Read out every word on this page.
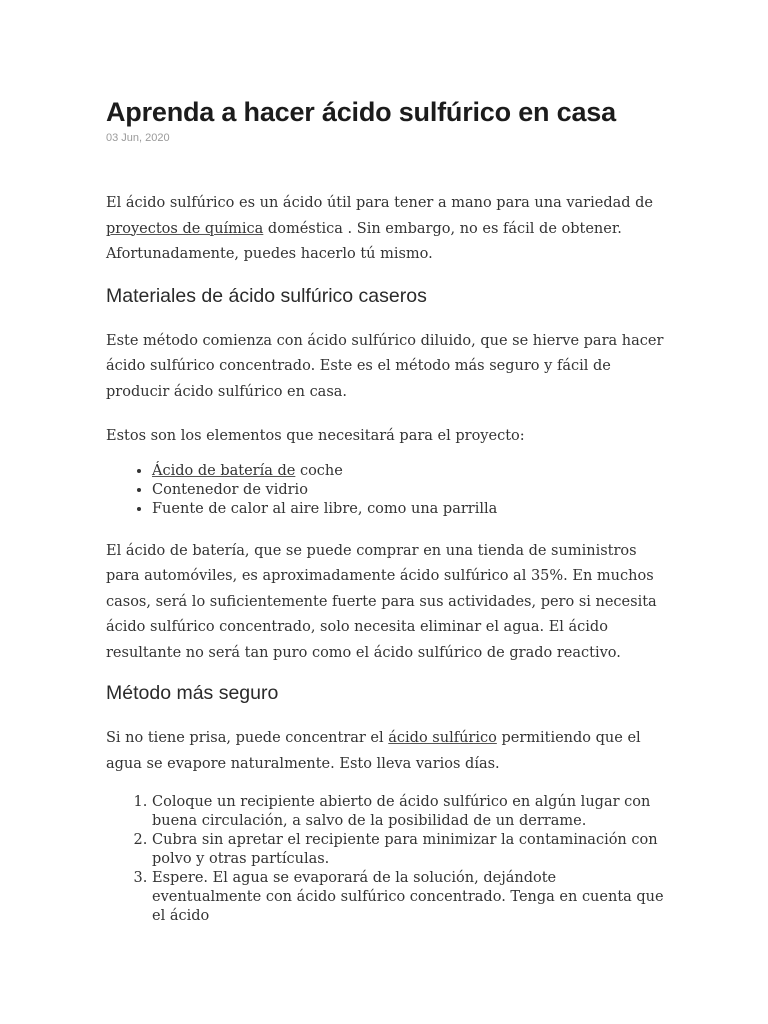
Aprenda a hacer ácido sulfúrico en casa
03 Jun, 2020

El ácido sulfúrico es un ácido útil para tener a mano para una variedad de proyectos de química doméstica . Sin embargo, no es fácil de obtener. Afortunadamente, puedes hacerlo tú mismo.

Materiales de ácido sulfúrico caseros

Este método comienza con ácido sulfúrico diluido, que se hierve para hacer ácido sulfúrico concentrado. Este es el método más seguro y fácil de producir ácido sulfúrico en casa.

Estos son los elementos que necesitará para el proyecto:

• Ácido de batería de coche
• Contenedor de vidrio
• Fuente de calor al aire libre, como una parrilla

El ácido de batería, que se puede comprar en una tienda de suministros para automóviles, es aproximadamente ácido sulfúrico al 35%. En muchos casos, será lo suficientemente fuerte para sus actividades, pero si necesita ácido sulfúrico concentrado, solo necesita eliminar el agua. El ácido resultante no será tan puro como el ácido sulfúrico de grado reactivo.

Método más seguro

Si no tiene prisa, puede concentrar el ácido sulfúrico permitiendo que el agua se evapore naturalmente. Esto lleva varios días.

1. Coloque un recipiente abierto de ácido sulfúrico en algún lugar con buena circulación, a salvo de la posibilidad de un derrame.
2. Cubra sin apretar el recipiente para minimizar la contaminación con polvo y otras partículas.
3. Espere. El agua se evaporará de la solución, dejándote eventualmente con ácido sulfúrico concentrado. Tenga en cuenta que el ácido
